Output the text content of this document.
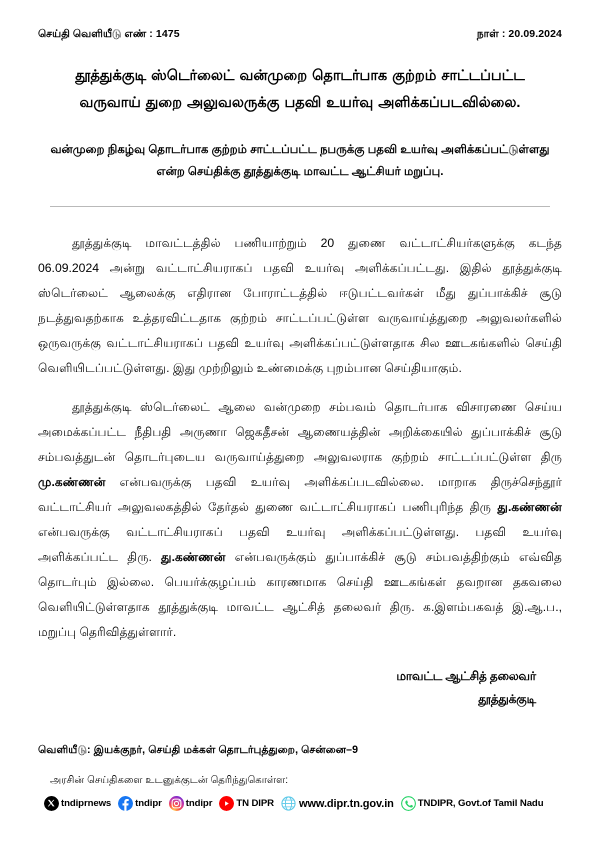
செய்தி வெளியீடு எண் : 1475	நாள் : 20.09.2024
தூத்துக்குடி ஸ்டெர்லைட் வன்முறை தொடர்பாக குற்றம் சாட்டப்பட்ட வருவாய் துறை அலுவலருக்கு பதவி உயர்வு அளிக்கப்படவில்லை.

வன்முறை நிகழ்வு தொடர்பாக குற்றம் சாட்டப்பட்ட நபருக்கு பதவி உயர்வு அளிக்கப்பட்டுள்ளது என்ற செய்திக்கு தூத்துக்குடி மாவட்ட ஆட்சியர் மறுப்பு.

தூத்துக்குடி மாவட்டத்தில் பணியாற்றும் 20 துணை வட்டாட்சியர்களுக்கு கடந்த 06.09.2024 அன்று வட்டாட்சியராகப் பதவி உயர்வு அளிக்கப்பட்டது. இதில் தூத்துக்குடி ஸ்டெர்லைட் ஆலைக்கு எதிரான போராட்டத்தில் ஈடுபட்டவர்கள் மீது துப்பாக்கிச் சூடு நடத்துவதற்காக உத்தரவிட்டதாக குற்றம் சாட்டப்பட்டுள்ள வருவாய்த்துறை அலுவலர்களில் ஒருவருக்கு வட்டாட்சியராகப் பதவி உயர்வு அளிக்கப்பட்டுள்ளதாக சில ஊடகங்களில் செய்தி வெளியிடப்பட்டுள்ளது. இது முற்றிலும் உண்மைக்கு புறம்பான செய்தியாகும்.

தூத்துக்குடி ஸ்டெர்லைட் ஆலை வன்முறை சம்பவம் தொடர்பாக விசாரணை செய்ய அமைக்கப்பட்ட நீதிபதி அருணா ஜெகதீசன் ஆணையத்தின் அறிக்கையில் துப்பாக்கிச் சூடு சம்பவத்துடன் தொடர்புடைய வருவாய்த்துறை அலுவலராக குற்றம் சாட்டப்பட்டுள்ள திரு மு.கண்ணன் என்பவருக்கு பதவி உயர்வு அளிக்கப்படவில்லை. மாறாக திருச்செந்தூர் வட்டாட்சியர் அலுவலகத்தில் தேர்தல் துணை வட்டாட்சியராகப் பணிபுரிந்த திரு து.கண்ணன் என்பவருக்கு வட்டாட்சியராகப் பதவி உயர்வு அளிக்கப்பட்டுள்ளது. பதவி உயர்வு அளிக்கப்பட்ட திரு. து.கண்ணன் என்பவருக்கும் துப்பாக்கிச் சூடு சம்பவத்திற்கும் எவ்வித தொடர்பும் இல்லை. பெயர்க்குழப்பம் காரணமாக செய்தி ஊடகங்கள் தவறான தகவலை வெளியிட்டுள்ளதாக தூத்துக்குடி மாவட்ட ஆட்சித் தலைவர் திரு. க.இளம்பகவத் இ.ஆ.ப., மறுப்பு தெரிவித்துள்ளார்.

மாவட்ட ஆட்சித் தலைவர்
தூத்துக்குடி
வெளியீடு: இயக்குநர், செய்தி மக்கள் தொடர்புத்துறை, சென்னை–9
அரசின் செய்திகளை உடனுக்குடன் தெரிந்துகொள்ள:
tndiprnews	tndipr	tndipr	TN DIPR www.dipr.tn.gov.in	TNDIPR, Govt.of Tamil Nadu
